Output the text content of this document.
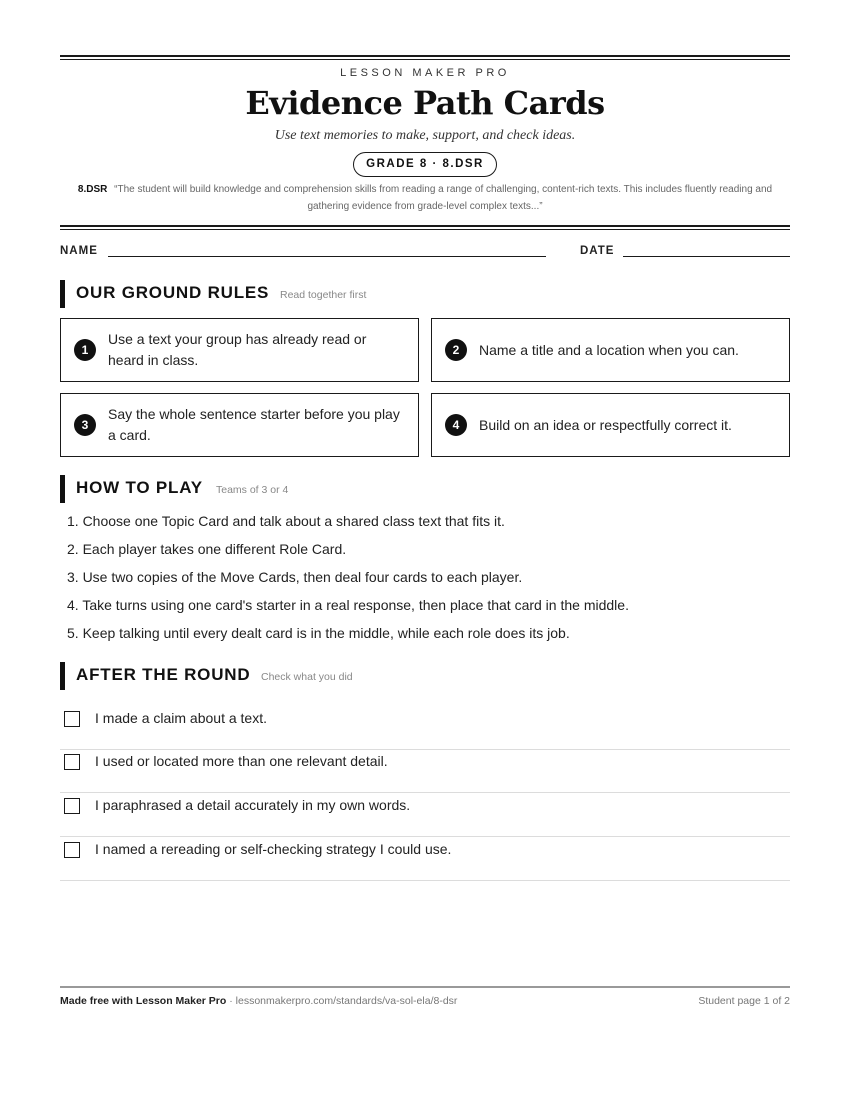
LESSON MAKER PRO
Evidence Path Cards
Use text memories to make, support, and check ideas.
GRADE 8 · 8.DSR
8.DSR “The student will build knowledge and comprehension skills from reading a range of challenging, content-rich texts. This includes fluently reading and gathering evidence from grade-level complex texts...”
NAME	DATE
OUR GROUND RULES Read together first
1
Use a text your group has already read or heard in class.
2	Name a title and a location when you can.
3
Say the whole sentence starter before you play a card.
4	Build on an idea or respectfully correct it.
HOW TO PLAY Teams of 3 or 4
1. Choose one Topic Card and talk about a shared class text that fits it.
2. Each player takes one different Role Card.
3. Use two copies of the Move Cards, then deal four cards to each player.
4. Take turns using one card's starter in a real response, then place that card in the middle.
5. Keep talking until every dealt card is in the middle, while each role does its job.
AFTER THE ROUND Check what you did
I made a claim about a text.
I used or located more than one relevant detail.
I paraphrased a detail accurately in my own words.
I named a rereading or self-checking strategy I could use.
Made free with Lesson Maker Pro · lessonmakerpro.com/standards/va-sol-ela/8-dsr	Student page 1 of 2
